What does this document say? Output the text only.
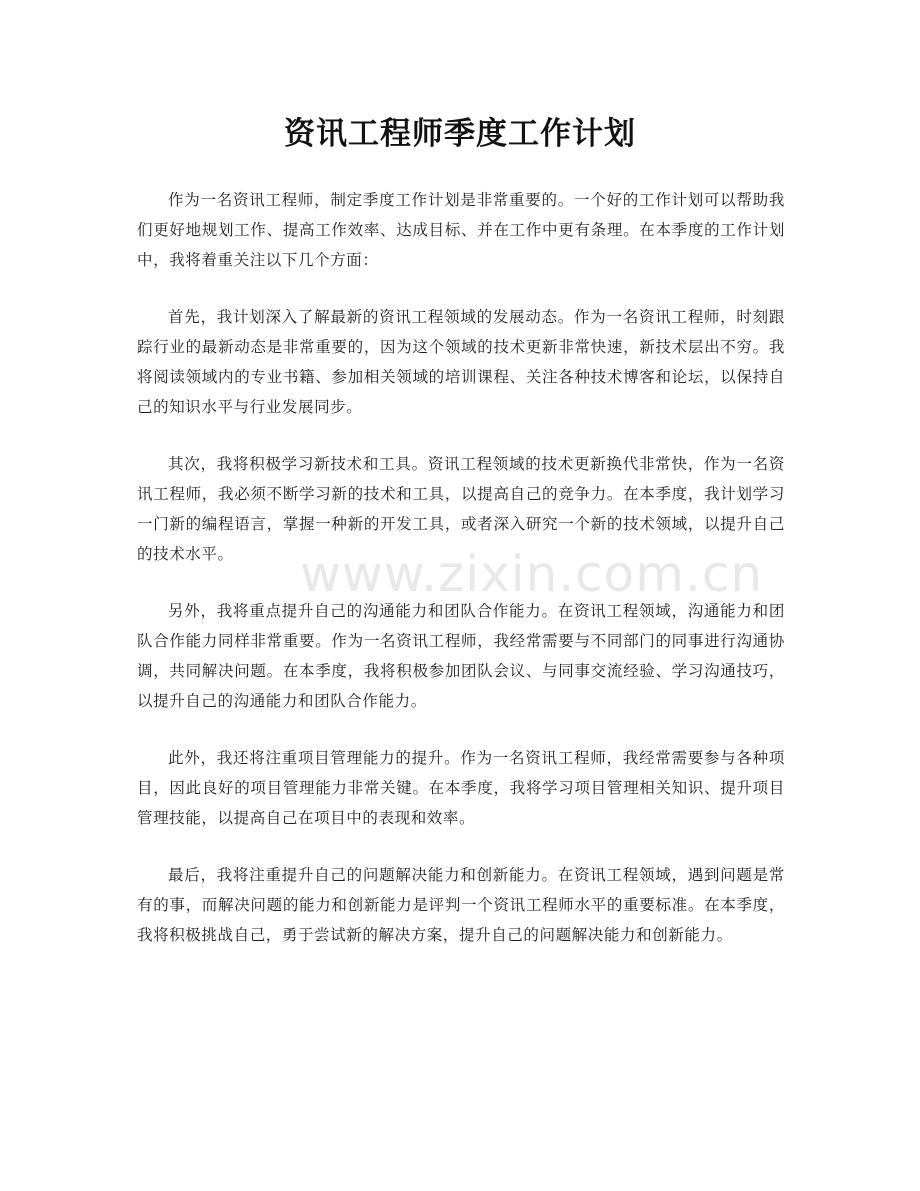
资讯工程师季度工作计划

作为一名资讯工程师，制定季度工作计划是非常重要的。一个好的工作计划可以帮助我们更好地规划工作、提高工作效率、达成目标、并在工作中更有条理。在本季度的工作计划中，我将着重关注以下几个方面：

首先，我计划深入了解最新的资讯工程领域的发展动态。作为一名资讯工程师，时刻跟踪行业的最新动态是非常重要的，因为这个领域的技术更新非常快速，新技术层出不穷。我将阅读领域内的专业书籍、参加相关领域的培训课程、关注各种技术博客和论坛，以保持自己的知识水平与行业发展同步。

其次，我将积极学习新技术和工具。资讯工程领域的技术更新换代非常快，作为一名资讯工程师，我必须不断学习新的技术和工具，以提高自己的竞争力。在本季度，我计划学习一门新的编程语言，掌握一种新的开发工具，或者深入研究一个新的技术领域，以提升自己的技术水平。

另外，我将重点提升自己的沟通能力和团队合作能力。在资讯工程领域，沟通能力和团队合作能力同样非常重要。作为一名资讯工程师，我经常需要与不同部门的同事进行沟通协调，共同解决问题。在本季度，我将积极参加团队会议、与同事交流经验、学习沟通技巧，以提升自己的沟通能力和团队合作能力。

此外，我还将注重项目管理能力的提升。作为一名资讯工程师，我经常需要参与各种项目，因此良好的项目管理能力非常关键。在本季度，我将学习项目管理相关知识、提升项目管理技能，以提高自己在项目中的表现和效率。

最后，我将注重提升自己的问题解决能力和创新能力。在资讯工程领域，遇到问题是常有的事，而解决问题的能力和创新能力是评判一个资讯工程师水平的重要标准。在本季度，我将积极挑战自己，勇于尝试新的解决方案，提升自己的问题解决能力和创新能力。

www.zixin.com.cn
